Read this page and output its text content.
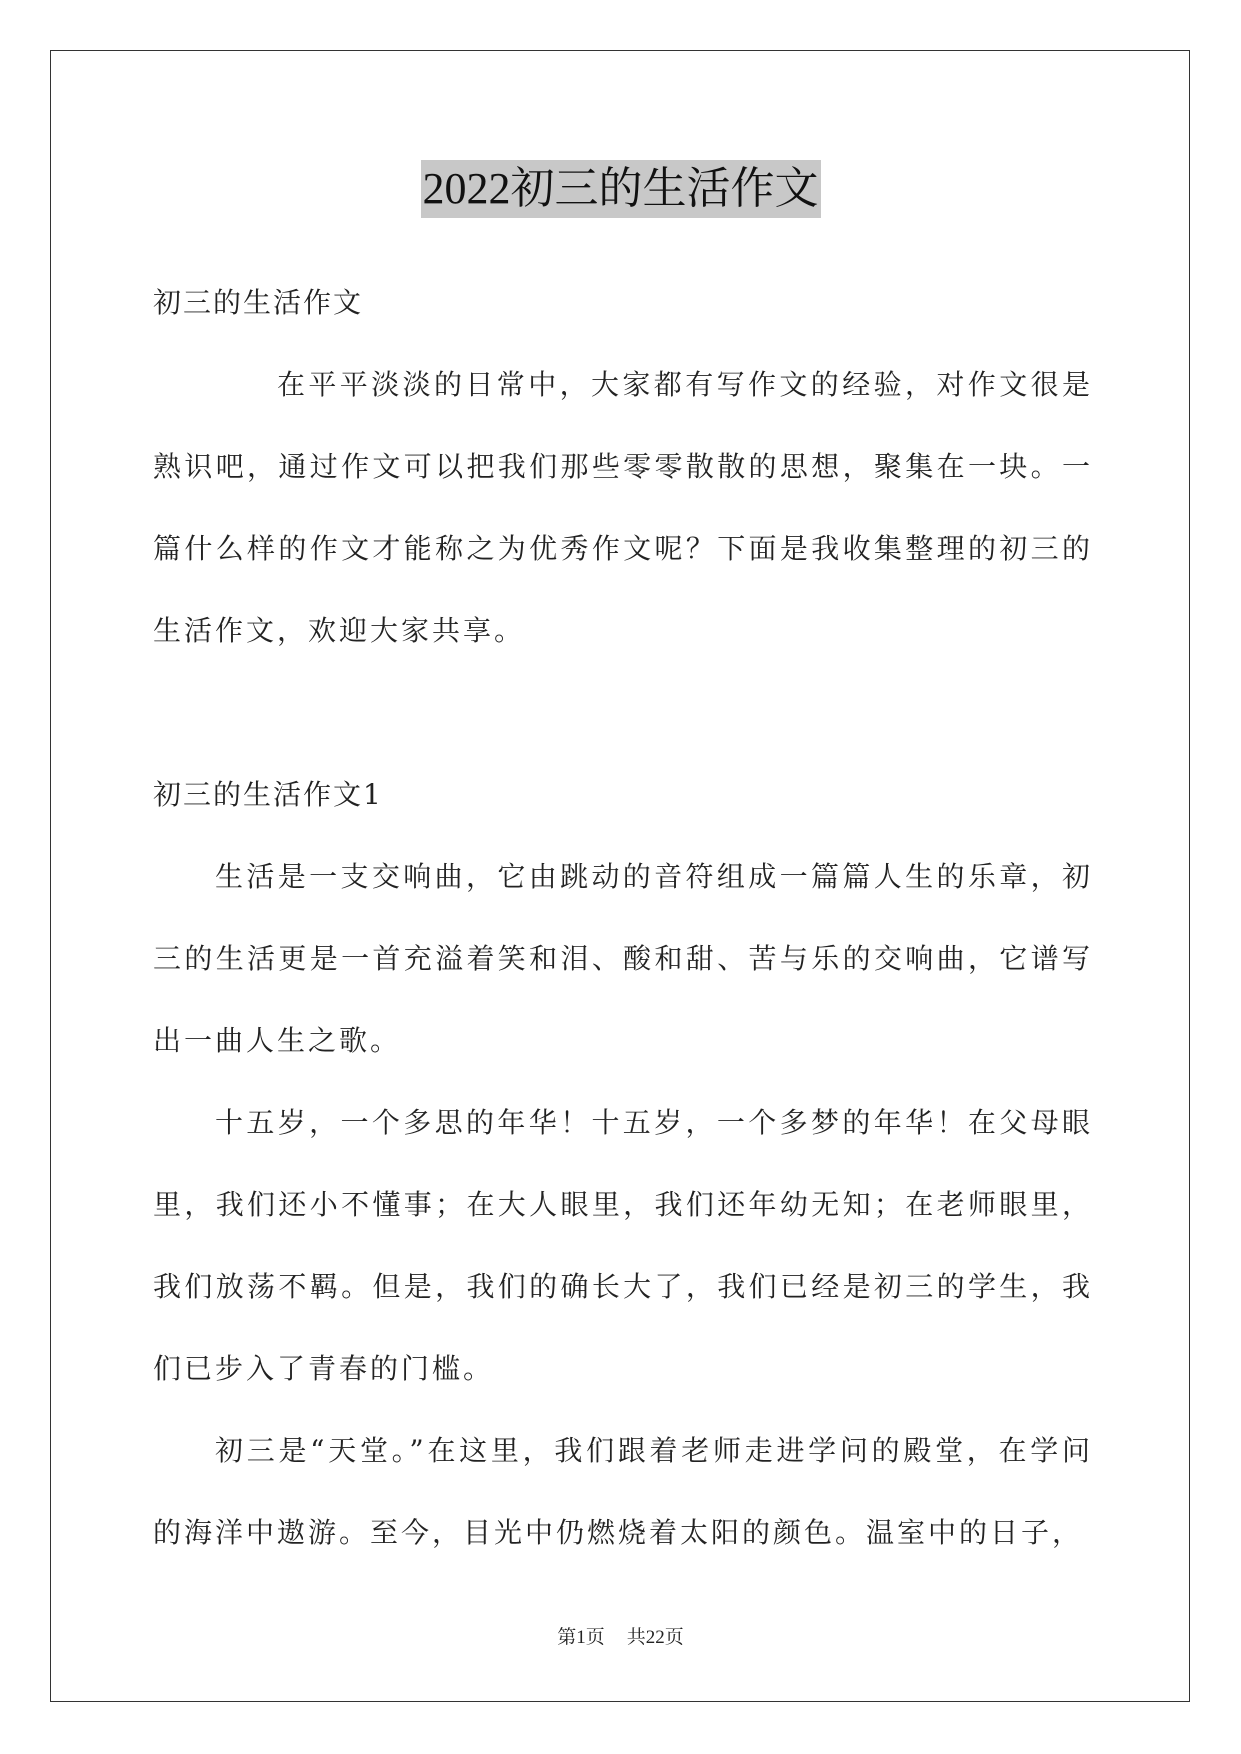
2022初三的生活作文

初三的生活作文

在平平淡淡的日常中，大家都有写作文的经验，对作文很是熟识吧，通过作文可以把我们那些零零散散的思想，聚集在一块。一篇什么样的作文才能称之为优秀作文呢？下面是我收集整理的初三的生活作文，欢迎大家共享。

初三的生活作文1

生活是一支交响曲，它由跳动的音符组成一篇篇人生的乐章，初三的生活更是一首充溢着笑和泪、酸和甜、苦与乐的交响曲，它谱写出一曲人生之歌。

十五岁，一个多思的年华！十五岁，一个多梦的年华！在父母眼里，我们还小不懂事；在大人眼里，我们还年幼无知；在老师眼里，我们放荡不羁。但是，我们的确长大了，我们已经是初三的学生，我们已步入了青春的门槛。

初三是“天堂。”在这里，我们跟着老师走进学问的殿堂，在学问的海洋中遨游。至今，目光中仍燃烧着太阳的颜色。温室中的日子，

第1页 共22页
